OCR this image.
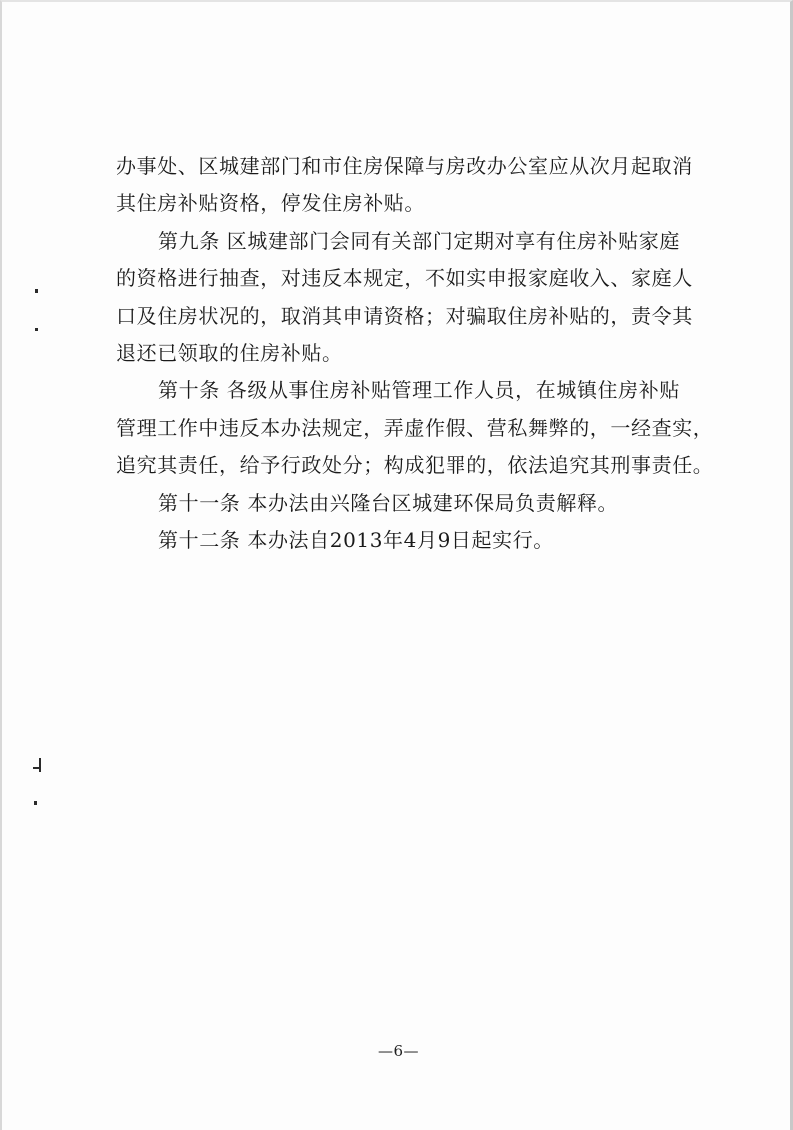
办事处、区城建部门和市住房保障与房改办公室应从次月起取消
其住房补贴资格，停发住房补贴。

第九条 区城建部门会同有关部门定期对享有住房补贴家庭
的资格进行抽查，对违反本规定，不如实申报家庭收入、家庭人
口及住房状况的，取消其申请资格；对骗取住房补贴的，责令其
退还已领取的住房补贴。

第十条 各级从事住房补贴管理工作人员，在城镇住房补贴
管理工作中违反本办法规定，弄虚作假、营私舞弊的，一经查实，
追究其责任，给予行政处分；构成犯罪的，依法追究其刑事责任。

第十一条 本办法由兴隆台区城建环保局负责解释。

第十二条 本办法自2013年4月9日起实行。

—6—
